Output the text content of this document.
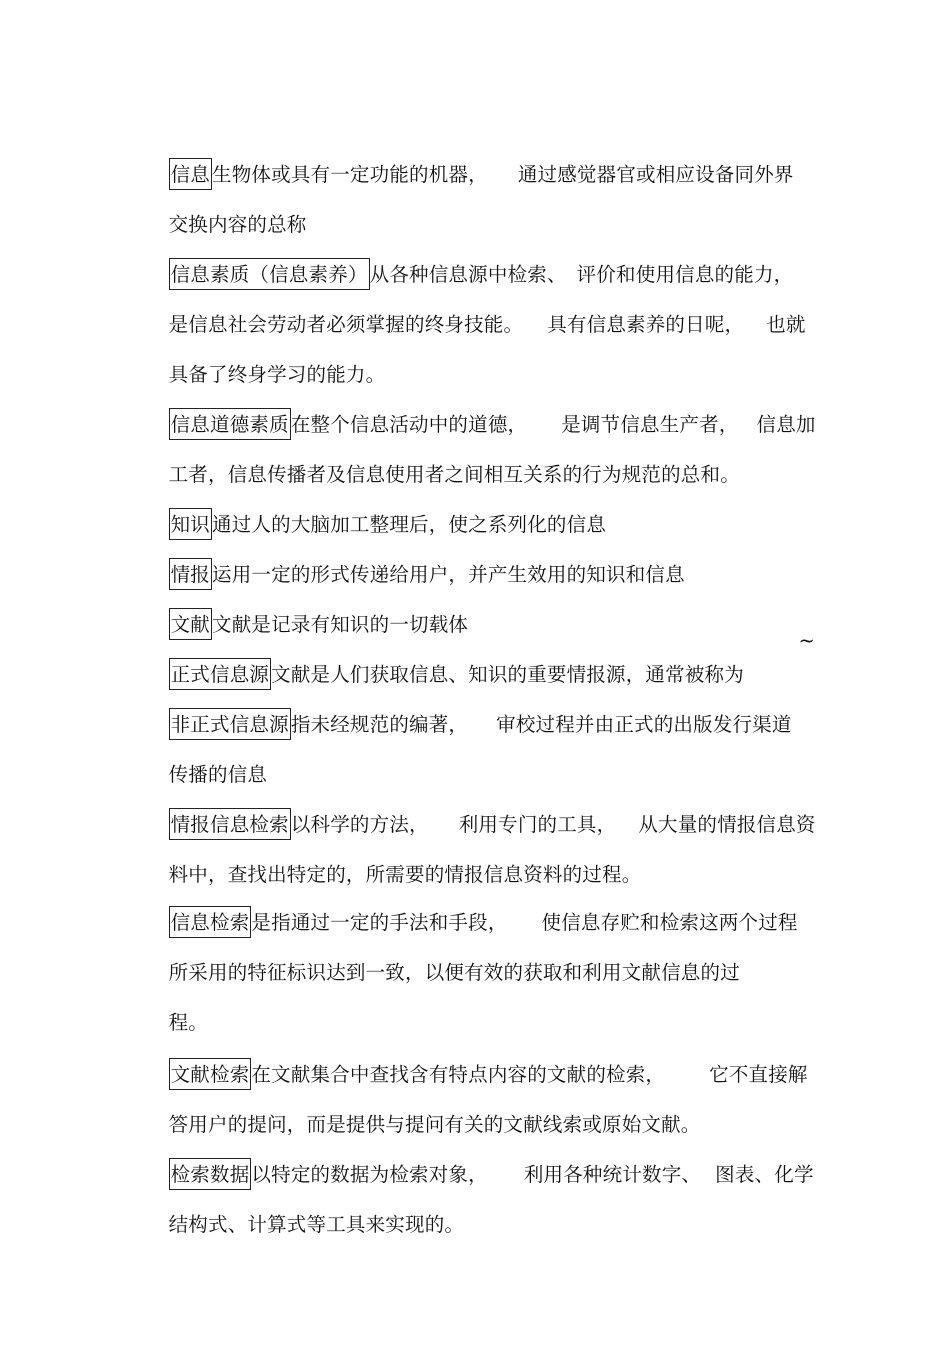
信息 生物体或具有一定功能的机器， 通过感觉器官或相应设备同外界

交换内容的总称

信息素质（信息素养） 从各种信息源中检索、 评价和使用信息的能力，

是信息社会劳动者必须掌握的终身技能。 具有信息素养的日呢， 也就

具备了终身学习的能力。

信息道德素质 在整个信息活动中的道德， 是调节信息生产者， 信息加

工者，信息传播者及信息使用者之间相互关系的行为规范的总和。

知识 通过人的大脑加工整理后，使之系列化的信息

情报 运用一定的形式传递给用户，并产生效用的知识和信息

文献 文献是记录有知识的一切载体

正式信息源 文献是人们获取信息、知识的重要情报源，通常被称为
~

非正式信息源 指未经规范的编著， 审校过程并由正式的出版发行渠道

传播的信息

情报信息检索 以科学的方法， 利用专门的工具， 从大量的情报信息资

料中，查找出特定的，所需要的情报信息资料的过程。

信息检索 是指通过一定的手法和手段， 使信息存贮和检索这两个过程

所采用的特征标识达到一致，以便有效的获取和利用文献信息的过

程。

文献检索 在文献集合中查找含有特点内容的文献的检索， 它不直接解

答用户的提问，而是提供与提问有关的文献线索或原始文献。

检索数据 以特定的数据为检索对象， 利用各种统计数字、 图表、化学

结构式、计算式等工具来实现的。
